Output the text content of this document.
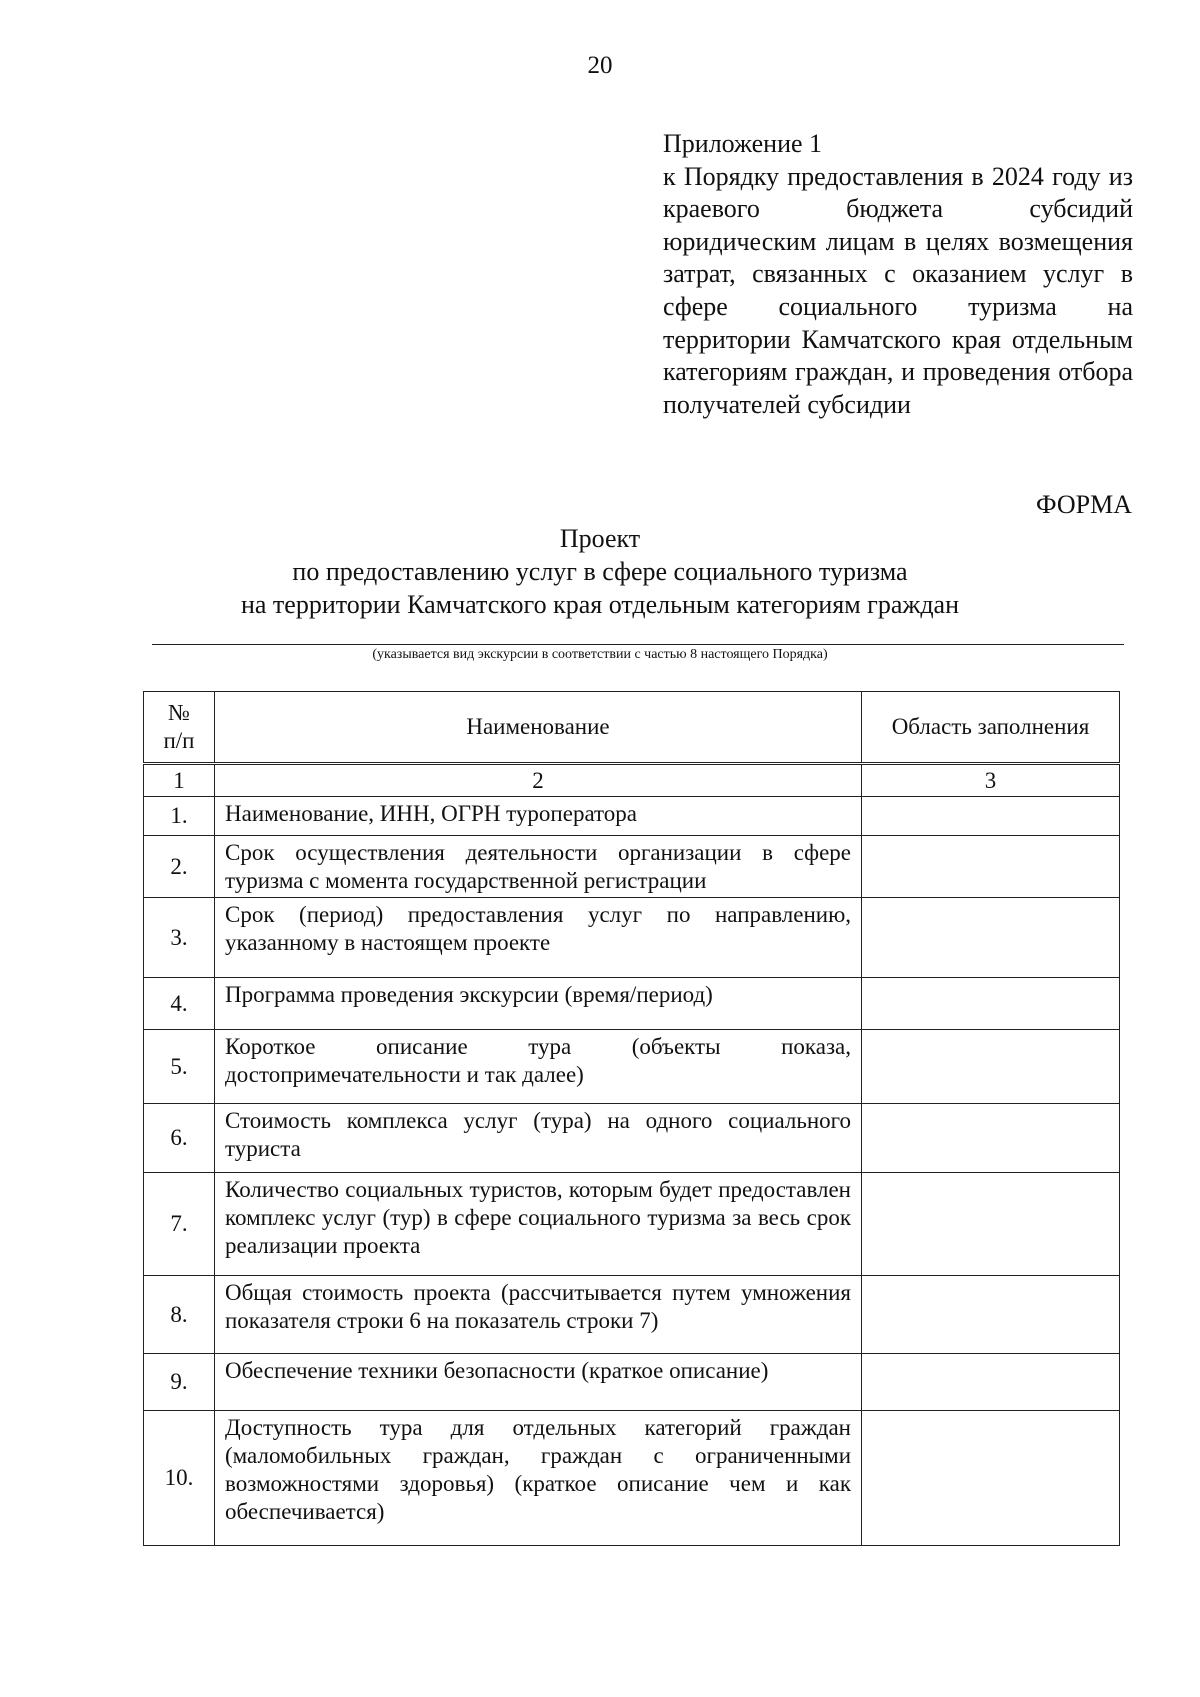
20

Приложение 1

к Порядку предоставления в 2024 году из краевого бюджета субсидий юридическим лицам в целях возмещения затрат, связанных с оказанием услуг в сфере социального туризма на территории Камчатского края отдельным категориям граждан, и проведения отбора получателей субсидии

ФОРМА
Проект
по предоставлению услуг в сфере социального туризма
на территории Камчатского края отдельным категориям граждан
(указывается вид экскурсии в соответствии с частью 8 настоящего Порядка)
№
п/п	Наименование	Область заполнения
1	2	3
1.	Наименование, ИНН, ОГРН туроператора	
2.	Срок осуществления деятельности организации в сфере туризма с момента государственной регистрации	
3.	Срок (период) предоставления услуг по направлению, указанному в настоящем проекте	
4.	Программа проведения экскурсии (время/период)	
5.	Короткое описание тура (объекты показа, достопримечательности и так далее)	
6.	Стоимость комплекса услуг (тура) на одного социального туриста	
7.	Количество социальных туристов, которым будет предоставлен комплекс услуг (тур) в сфере социального туризма за весь срок реализации проекта	
8.	Общая стоимость проекта (рассчитывается путем умножения показателя строки 6 на показатель строки 7)	
9.	Обеспечение техники безопасности (краткое описание)	
10.	Доступность тура для отдельных категорий граждан (маломобильных граждан, граждан с ограниченными возможностями здоровья) (краткое описание чем и как обеспечивается)	
